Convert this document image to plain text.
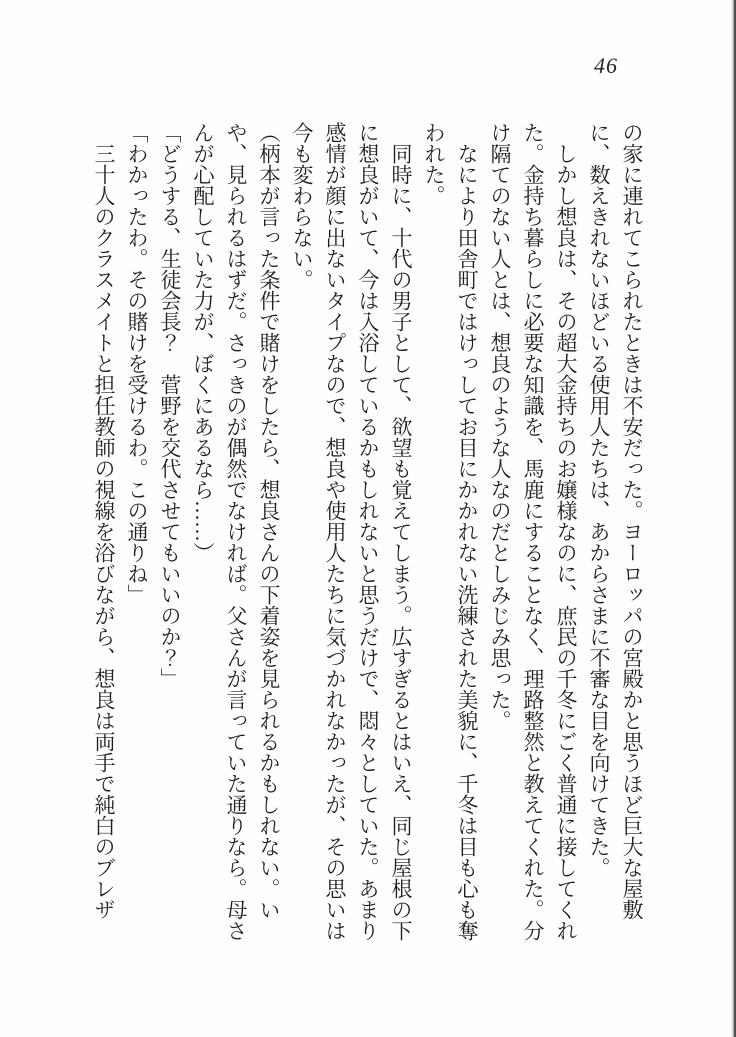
46

の家に連れてこられたときは不安だった。ヨーロッパの宮殿かと思うほど巨大な屋敷に、数えきれないほどいる使用人たちは、あからさまに不審な目を向けてきた。

しかし想良は、その超大金持ちのお嬢様なのに、庶民の千冬にごく普通に接してくれた。金持ち暮らしに必要な知識を、馬鹿にすることなく、理路整然と教えてくれた。分け隔てのない人とは、想良のような人なのだとしみじみ思った。

なにより田舎町ではけっしてお目にかかれない洗練された美貌に、千冬は目も心も奪われた。

同時に、十代の男子として、欲望も覚えてしまう。広すぎるとはいえ、同じ屋根の下に想良がいて、今は入浴しているかもしれないと思うだけで、悶々としていた。あまり感情が顔に出ないタイプなので、想良や使用人たちに気づかれなかったが、その思いは今も変わらない。

（柄本が言った条件で賭けをしたら、想良さんの下着姿を見られるかもしれない。いや、見られるはずだ。さっきのが偶然でなければ。父さんが言っていた通りなら。母さんが心配していた力が、ぼくにあるなら……）

「どうする、生徒会長？　菅野を交代させてもいいのか？」

「わかったわ。その賭けを受けるわ。この通りね」

三十人のクラスメイトと担任教師の視線を浴びながら、想良は両手で純白のブレザ
